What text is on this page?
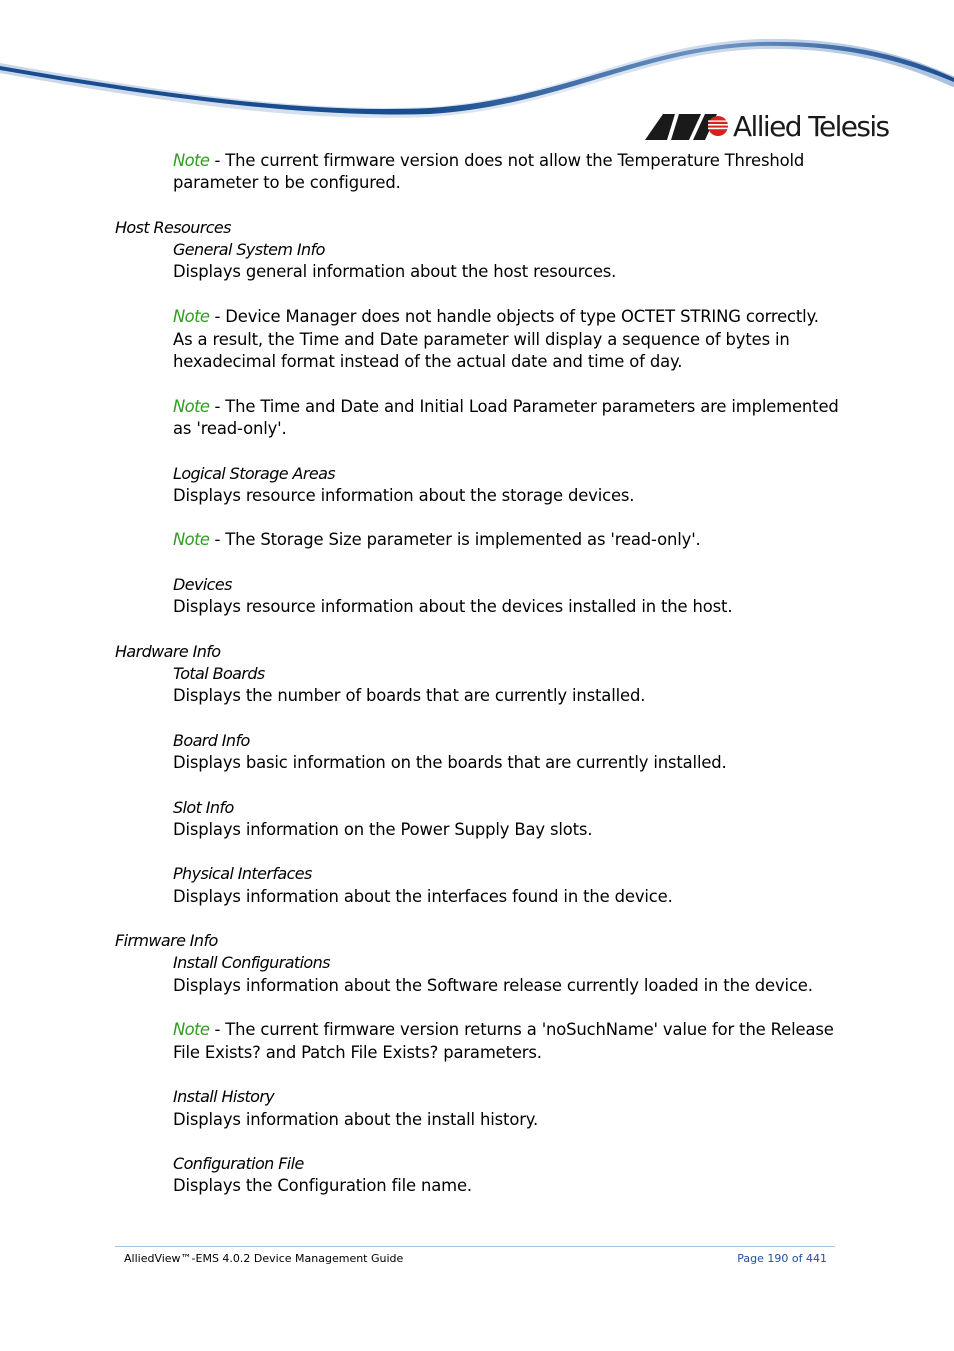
Allied Telesis
Note - The current firmware version does not allow the Temperature Threshold
parameter to be configured.
Host Resources
General System Info
Displays general information about the host resources.
Note - Device Manager does not handle objects of type OCTET STRING correctly.
As a result, the Time and Date parameter will display a sequence of bytes in
hexadecimal format instead of the actual date and time of day.
Note - The Time and Date and Initial Load Parameter parameters are implemented
as 'read-only'.
Logical Storage Areas
Displays resource information about the storage devices.
Note - The Storage Size parameter is implemented as 'read-only'.
Devices
Displays resource information about the devices installed in the host.
Hardware Info
Total Boards
Displays the number of boards that are currently installed.
Board Info
Displays basic information on the boards that are currently installed.
Slot Info
Displays information on the Power Supply Bay slots.
Physical Interfaces
Displays information about the interfaces found in the device.
Firmware Info
Install Configurations
Displays information about the Software release currently loaded in the device.
Note - The current firmware version returns a 'noSuchName' value for the Release
File Exists? and Patch File Exists? parameters.
Install History
Displays information about the install history.
Configuration File
Displays the Configuration file name.
AlliedView™-EMS 4.0.2 Device Management Guide	Page 190 of 441
